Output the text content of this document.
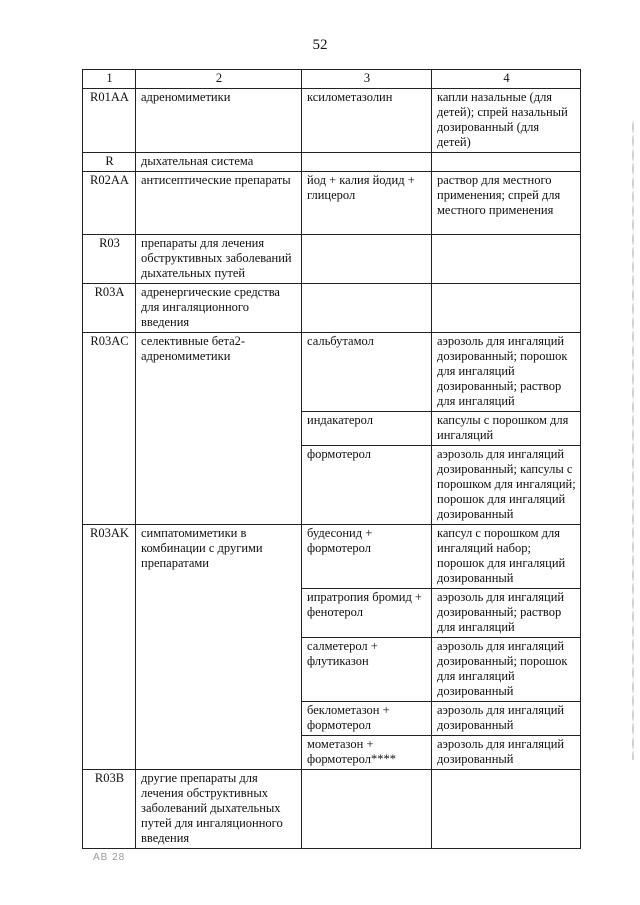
52
1	2	3	4
R01AA	адреномиметики	ксилометазолин	капли назальные (для детей); спрей назальный дозированный (для детей)
R	дыхательная система		
R02AA	антисептические препараты	йод + калия йодид + глицерол	раствор для местного применения; спрей для местного применения
R03	препараты для лечения обструктивных заболеваний дыхательных путей		
R03A	адренергические средства для ингаляционного введения		
R03AC	селективные бета2-адреномиметики	сальбутамол	аэрозоль для ингаляций дозированный; порошок для ингаляций дозированный; раствор для ингаляций
		индакатерол	капсулы с порошком для ингаляций
		формотерол	аэрозоль для ингаляций дозированный; капсулы с порошком для ингаляций; порошок для ингаляций дозированный
R03AK	симпатомиметики в комбинации с другими препаратами	будесонид + формотерол	капсул с порошком для ингаляций набор; порошок для ингаляций дозированный
		ипратропия бромид + фенотерол	аэрозоль для ингаляций дозированный; раствор для ингаляций
		салметерол + флутиказон	аэрозоль для ингаляций дозированный; порошок для ингаляций дозированный
		беклометазон + формотерол	аэрозоль для ингаляций дозированный
		мометазон + формотерол****	аэрозоль для ингаляций дозированный
R03B	другие препараты для лечения обструктивных заболеваний дыхательных путей для ингаляционного введения		
АВ 28
